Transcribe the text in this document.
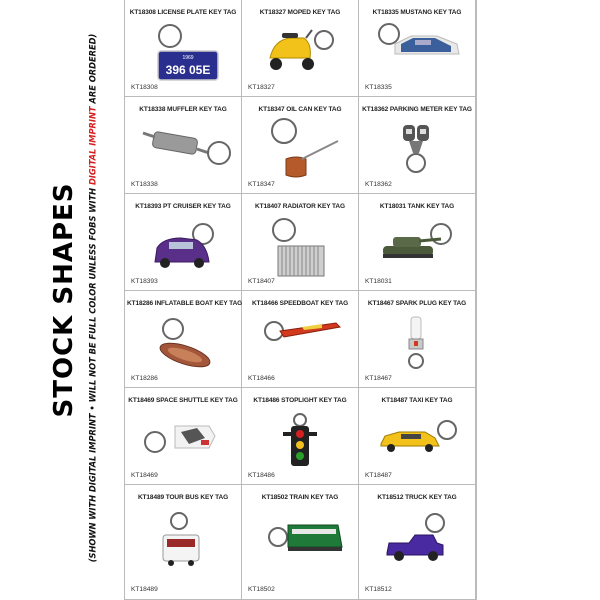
STOCK SHAPES (SHOWN WITH DIGITAL IMPRINT • WILL NOT BE FULL COLOR UNLESS FOBS WITH DIGITAL IMPRINT ARE ORDERED)
KT18308 LICENSE PLATE KEY TAG
1969
396 05E
KT18308
KT18327 MOPED KEY TAG
KT18327
KT18335 MUSTANG KEY TAG
KT18335
KT18338 MUFFLER KEY TAG
KT18338
KT18347 OIL CAN KEY TAG
KT18347
KT18362 PARKING METER KEY TAG
KT18362
KT18393 PT CRUISER KEY TAG
KT18393
KT18407 RADIATOR KEY TAG
KT18407
KT18031 TANK KEY TAG
KT18031
KT18286 INFLATABLE BOAT KEY TAG
KT18286
KT18466 SPEEDBOAT KEY TAG
KT18466
KT18467 SPARK PLUG KEY TAG
KT18467
KT18469 SPACE SHUTTLE KEY TAG
KT18469
KT18486 STOPLIGHT KEY TAG
KT18486
KT18487 TAXI KEY TAG
KT18487
KT18489 TOUR BUS KEY TAG
KT18489
KT18502 TRAIN KEY TAG
KT18502
KT18512 TRUCK KEY TAG
KT18512
